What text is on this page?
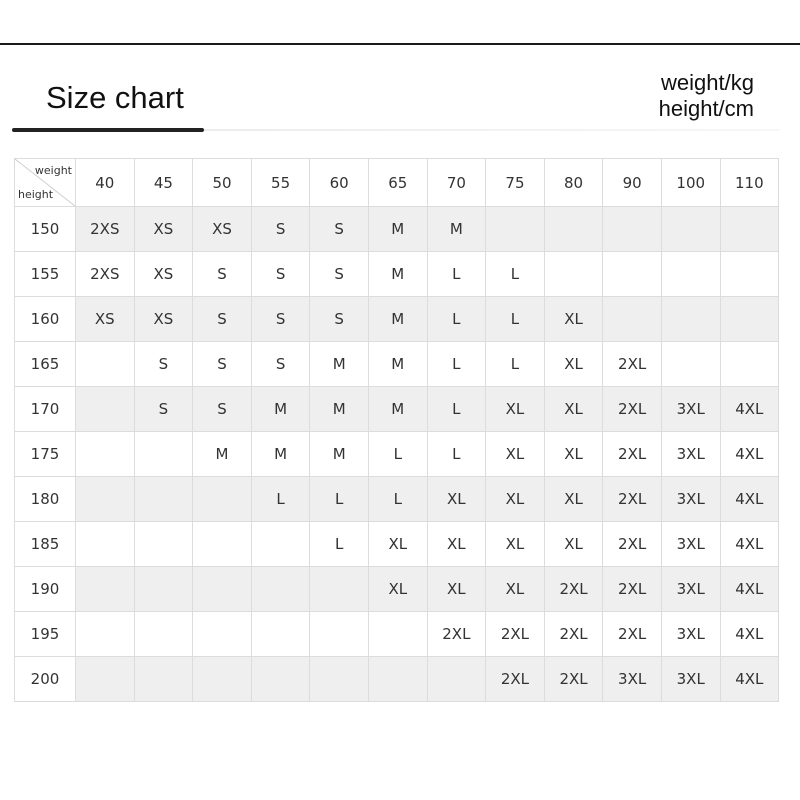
Size chart	weight/kg
height/cm
weight
height	40	45	50	55	60	65	70	75	80	90	100	110
150	2XS	XS	XS	S	S	M	M					
155	2XS	XS	S	S	S	M	L	L				
160	XS	XS	S	S	S	M	L	L	XL			
165		S	S	S	M	M	L	L	XL	2XL		
170		S	S	M	M	M	L	XL	XL	2XL	3XL	4XL
175			M	M	M	L	L	XL	XL	2XL	3XL	4XL
180				L	L	L	XL	XL	XL	2XL	3XL	4XL
185					L	XL	XL	XL	XL	2XL	3XL	4XL
190						XL	XL	XL	2XL	2XL	3XL	4XL
195							2XL	2XL	2XL	2XL	3XL	4XL
200								2XL	2XL	3XL	3XL	4XL
